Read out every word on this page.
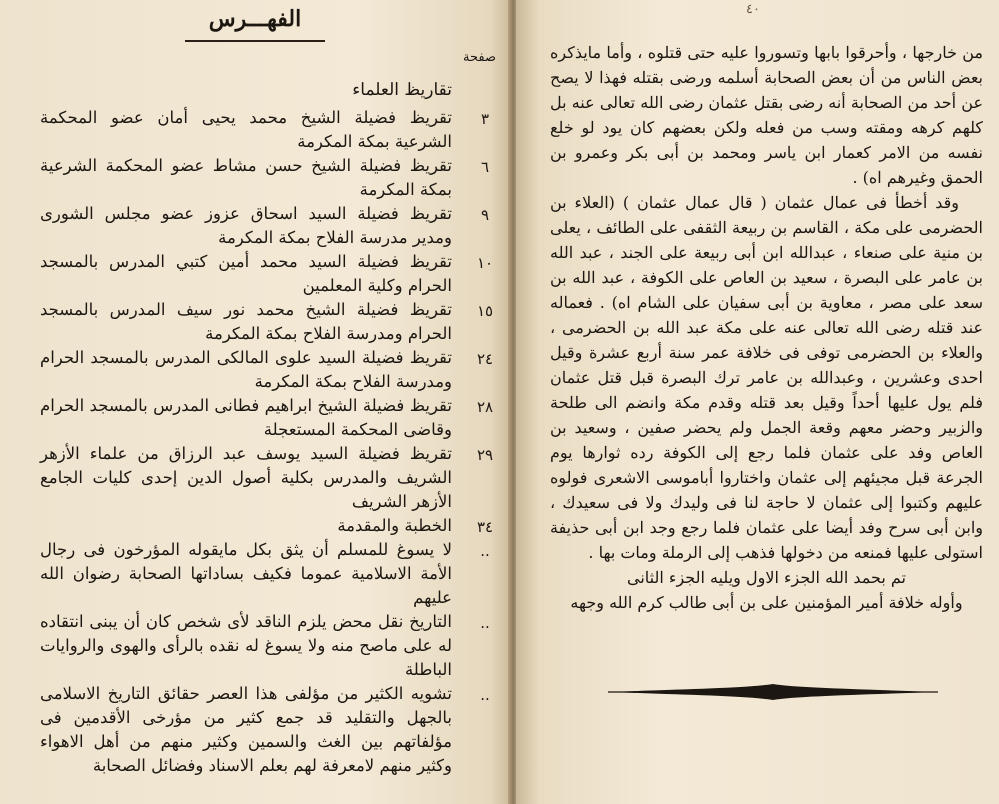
الفهـــرس
صفحة
تقاريظ العلماء
٣
تقريظ فضيلة الشيخ محمد يحيى أمان عضو المحكمة الشرعية بمكة المكرمة
٦
تقريظ فضيلة الشيخ حسن مشاط عضو المحكمة الشرعية بمكة المكرمة
٩
تقريظ فضيلة السيد اسحاق عزوز عضو مجلس الشورى ومدير مدرسة الفلاح بمكة المكرمة
١٠
تقريظ فضيلة السيد محمد أمين كتبي المدرس بالمسجد الحرام وكلية المعلمين
١٥
تقريظ فضيلة الشيخ محمد نور سيف المدرس بالمسجد الحرام ومدرسة الفلاح بمكة المكرمة
٢٤
تقريظ فضيلة السيد علوى المالكى المدرس بالمسجد الحرام ومدرسة الفلاح بمكة المكرمة
٢٨
تقريظ فضيلة الشيخ ابراهيم فطانى المدرس بالمسجد الحرام وقاضى المحكمة المستعجلة
٢٩
تقريظ فضيلة السيد يوسف عبد الرزاق من علماء الأزهر الشريف والمدرس بكلية أصول الدين إحدى كليات الجامع الأزهر الشريف
٣٤
الخطبة والمقدمة
..
لا يسوغ للمسلم أن يثق بكل مايقوله المؤرخون فى رجال الأمة الاسلامية عموما فكيف بساداتها الصحابة رضوان الله عليهم
..
التاريخ نقل محض يلزم الناقد لأى شخص كان أن يبنى انتقاده له على ماصح منه ولا يسوغ له نقده بالرأى والهوى والروايات الباطلة
..
تشويه الكثير من مؤلفى هذا العصر حقائق التاريخ الاسلامى بالجهل والتقليد قد جمع كثير من مؤرخى الأقدمين فى مؤلفاتهم بين الغث والسمين وكثير منهم من أهل الاهواء وكثير منهم لامعرفة لهم بعلم الاسناد وفضائل الصحابة
٤٠

من خارجها ، وأحرقوا بابها وتسوروا عليه حتى قتلوه ، وأما مايذكره بعض الناس من أن بعض الصحابة أسلمه ورضى بقتله فهذا لا يصح عن أحد من الصحابة أنه رضى بقتل عثمان رضى الله تعالى عنه بل كلهم كرهه ومقته وسب من فعله ولكن بعضهم كان يود لو خلع نفسه من الامر كعمار ابن ياسر ومحمد بن أبى بكر وعمرو بن الحمق وغيرهم اه) .

وقد أخطأ فى عمال عثمان ( قال عمال عثمان ) (العلاء بن الحضرمى على مكة ، القاسم بن ربيعة الثقفى على الطائف ، يعلى بن منية على صنعاء ، عبدالله ابن أبى ربيعة على الجند ، عبد الله بن عامر على البصرة ، سعيد بن العاص على الكوفة ، عبد الله بن سعد على مصر ، معاوية بن أبى سفيان على الشام اه) . فعماله عند قتله رضى الله تعالى عنه على مكة عبد الله بن الحضرمى ، والعلاء بن الحضرمى توفى فى خلافة عمر سنة أربع عشرة وقيل احدى وعشرين ، وعبدالله بن عامر ترك البصرة قبل قتل عثمان فلم يول عليها أحداً وقيل بعد قتله وقدم مكة وانضم الى طلحة والزبير وحضر معهم وقعة الجمل ولم يحضر صفين ، وسعيد بن العاص وفد على عثمان فلما رجع إلى الكوفة رده ثوارها يوم الجرعة قبل مجيئهم إلى عثمان واختاروا أباموسى الاشعرى فولوه عليهم وكتبوا إلى عثمان لا حاجة لنا فى وليدك ولا فى سعيدك ، وابن أبى سرح وفد أيضا على عثمان فلما رجع وجد ابن أبى حذيفة استولى عليها فمنعه من دخولها فذهب إلى الرملة ومات بها .

تم بحمد الله الجزء الاول ويليه الجزء الثانى

وأوله خلافة أمير المؤمنين على بن أبى طالب كرم الله وجهه
